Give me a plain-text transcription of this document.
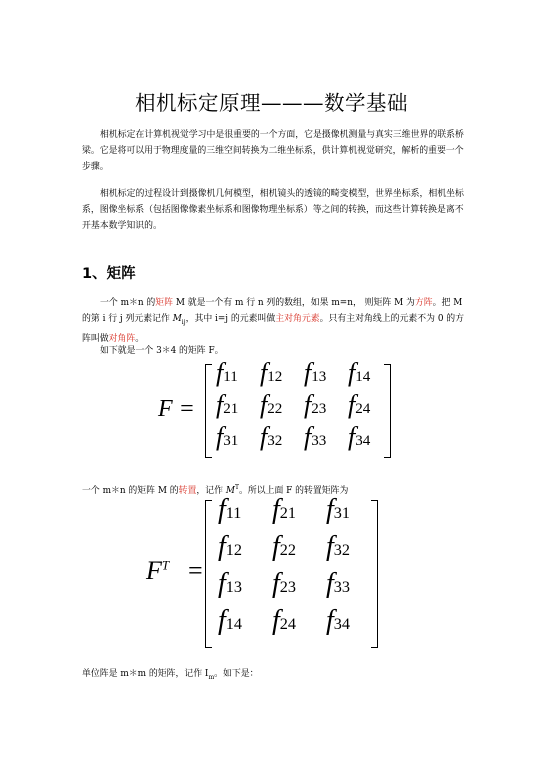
相机标定原理———数学基础

相机标定在计算机视觉学习中是很重要的一个方面，它是摄像机测量与真实三维世界的联系桥梁。它是将可以用于物理度量的三维空间转换为二维坐标系，供计算机视觉研究，解析的重要一个步骤。

相机标定的过程设计到摄像机几何模型，相机镜头的透镜的畸变模型，世界坐标系，相机坐标系，图像坐标系（包括图像像素坐标系和图像物理坐标系）等之间的转换，而这些计算转换是离不开基本数学知识的。

1、矩阵

一个 m＊n 的矩阵 M 就是一个有 m 行 n 列的数组，如果 m=n， 则矩阵 M 为方阵。把 M 的第 i 行 j 列元素记作 $M_{ij}$，其中 i=j 的元素叫做主对角元素。只有主对角线上的元素不为 0 的方阵叫做对角阵。

如下就是一个 3＊4 的矩阵 F。
F =
f11 f12 f13 f14
f21 f22 f23 f24
f31 f32 f33 f34
一个 m＊n 的矩阵 M 的转置，记作 $M^T$。所以上面 F 的转置矩阵为
$F^T$ =
f11 f21 f31
f12 f22 f32
f13 f23 f33
f14 f24 f34
单位阵是 m＊m 的矩阵，记作 $I_m$。如下是：
